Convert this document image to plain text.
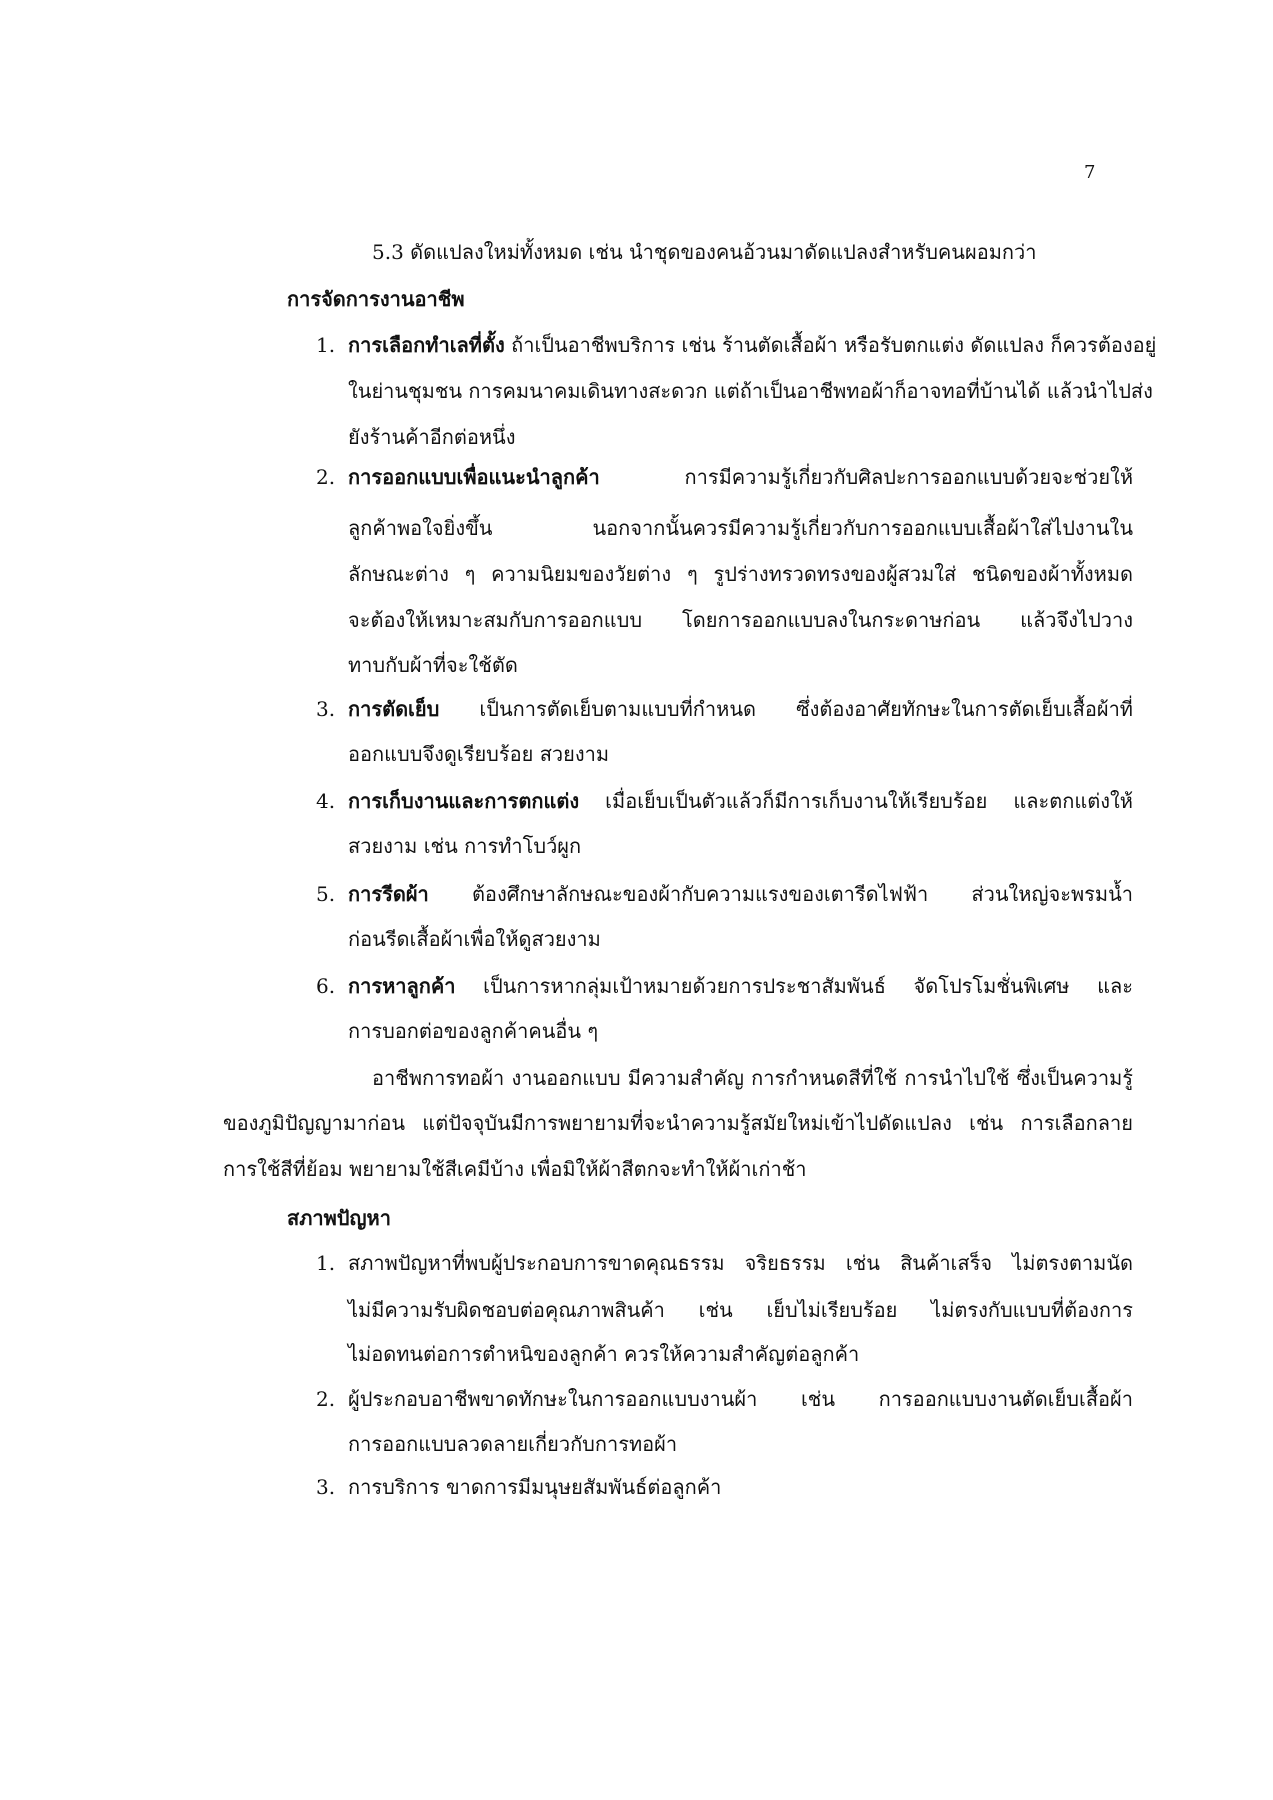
7
5.3 ดัดแปลงใหม่ทั้งหมด เช่น นำชุดของคนอ้วนมาดัดแปลงสำหรับคนผอมกว่า
การจัดการงานอาชีพ
1. การเลือกทำเลที่ตั้ง ถ้าเป็นอาชีพบริการ เช่น ร้านตัดเสื้อผ้า หรือรับตกแต่ง ดัดแปลง ก็ควรต้องอยู่
ในย่านชุมชน การคมนาคมเดินทางสะดวก แต่ถ้าเป็นอาชีพทอผ้าก็อาจทอที่บ้านได้ แล้วนำไปส่ง
ยังร้านค้าอีกต่อหนึ่ง
2. การออกแบบเพื่อแนะนำลูกค้า การมีความรู้เกี่ยวกับศิลปะการออกแบบด้วยจะช่วยให้
ลูกค้าพอใจยิ่งขึ้น นอกจากนั้นควรมีความรู้เกี่ยวกับการออกแบบเสื้อผ้าใส่ไปงานใน
ลักษณะต่าง ๆ ความนิยมของวัยต่าง ๆ รูปร่างทรวดทรงของผู้สวมใส่ ชนิดของผ้าทั้งหมด
จะต้องให้เหมาะสมกับการออกแบบ โดยการออกแบบลงในกระดาษก่อน แล้วจึงไปวาง
ทาบกับผ้าที่จะใช้ตัด
3. การตัดเย็บ เป็นการตัดเย็บตามแบบที่กำหนด ซึ่งต้องอาศัยทักษะในการตัดเย็บเสื้อผ้าที่
ออกแบบจึงดูเรียบร้อย สวยงาม
4. การเก็บงานและการตกแต่ง เมื่อเย็บเป็นตัวแล้วก็มีการเก็บงานให้เรียบร้อย และตกแต่งให้
สวยงาม เช่น การทำโบว์ผูก
5. การรีดผ้า ต้องศึกษาลักษณะของผ้ากับความแรงของเตารีดไฟฟ้า ส่วนใหญ่จะพรมน้ำ
ก่อนรีดเสื้อผ้าเพื่อให้ดูสวยงาม
6. การหาลูกค้า เป็นการหากลุ่มเป้าหมายด้วยการประชาสัมพันธ์ จัดโปรโมชั่นพิเศษ และ
การบอกต่อของลูกค้าคนอื่น ๆ
อาชีพการทอผ้า งานออกแบบ มีความสำคัญ การกำหนดสีที่ใช้ การนำไปใช้ ซึ่งเป็นความรู้
ของภูมิปัญญามาก่อน แต่ปัจจุบันมีการพยายามที่จะนำความรู้สมัยใหม่เข้าไปดัดแปลง เช่น การเลือกลาย
การใช้สีที่ย้อม พยายามใช้สีเคมีบ้าง เพื่อมิให้ผ้าสีตกจะทำให้ผ้าเก่าช้า
สภาพปัญหา
1. สภาพปัญหาที่พบผู้ประกอบการขาดคุณธรรม จริยธรรม เช่น สินค้าเสร็จ ไม่ตรงตามนัด
ไม่มีความรับผิดชอบต่อคุณภาพสินค้า เช่น เย็บไม่เรียบร้อย ไม่ตรงกับแบบที่ต้องการ
ไม่อดทนต่อการตำหนิของลูกค้า ควรให้ความสำคัญต่อลูกค้า
2. ผู้ประกอบอาชีพขาดทักษะในการออกแบบงานผ้า เช่น การออกแบบงานตัดเย็บเสื้อผ้า
การออกแบบลวดลายเกี่ยวกับการทอผ้า
3. การบริการ ขาดการมีมนุษยสัมพันธ์ต่อลูกค้า
